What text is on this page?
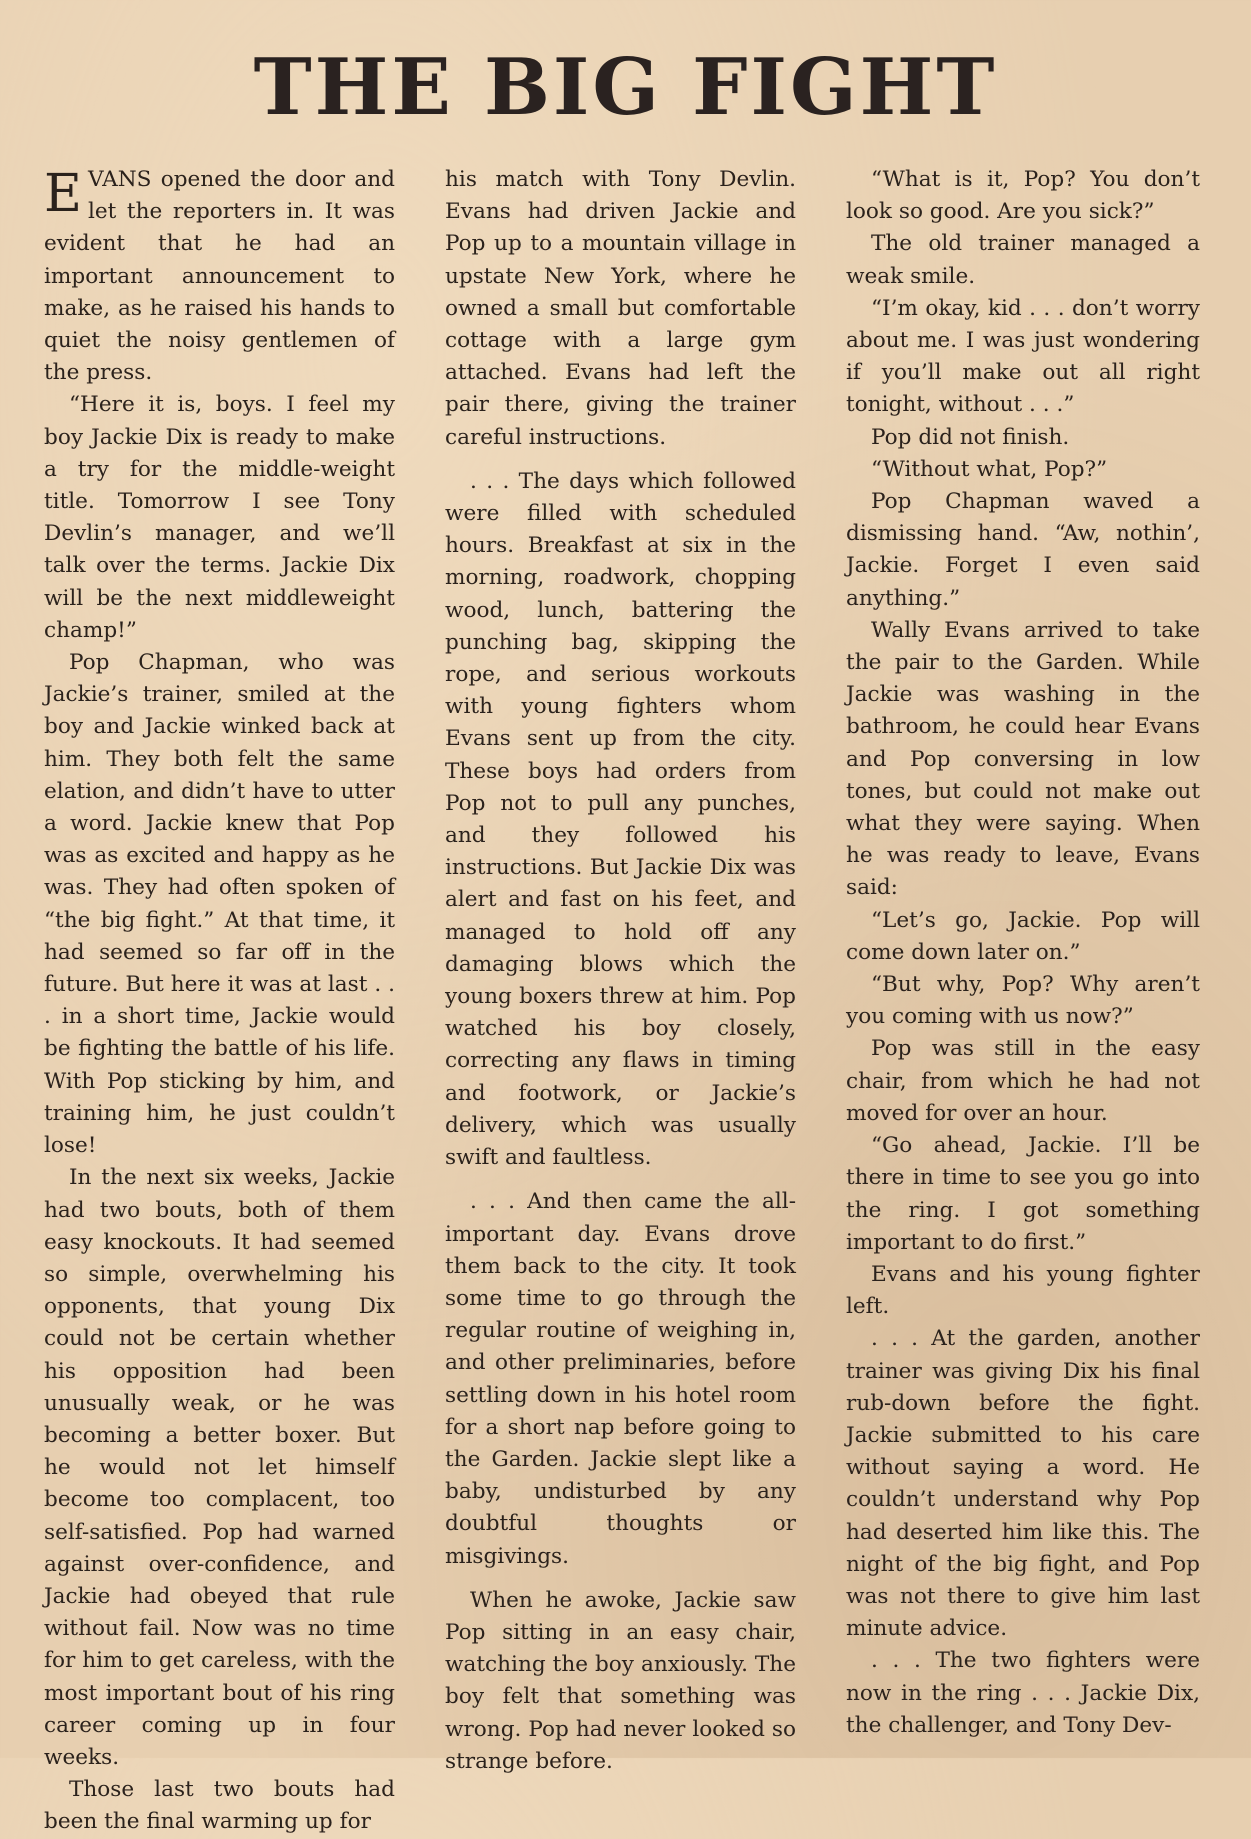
THE BIG FIGHT

EVANS opened the door and let the reporters in. It was evident that he had an important announcement to make, as he raised his hands to quiet the noisy gentlemen of the press.

“Here it is, boys. I feel my boy Jackie Dix is ready to make a try for the middle-weight title. Tomorrow I see Tony Devlin’s manager, and we’ll talk over the terms. Jackie Dix will be the next middleweight champ!”

Pop Chapman, who was Jackie’s trainer, smiled at the boy and Jackie winked back at him. They both felt the same elation, and didn’t have to utter a word. Jackie knew that Pop was as excited and happy as he was. They had often spoken of “the big fight.” At that time, it had seemed so far off in the future. But here it was at last . . . in a short time, Jackie would be fighting the battle of his life. With Pop sticking by him, and training him, he just couldn’t lose!

In the next six weeks, Jackie had two bouts, both of them easy knockouts. It had seemed so simple, overwhelming his opponents, that young Dix could not be certain whether his opposition had been unusually weak, or he was becoming a better boxer. But he would not let himself become too complacent, too self-satisfied. Pop had warned against over-confidence, and Jackie had obeyed that rule without fail. Now was no time for him to get careless, with the most important bout of his ring career coming up in four weeks.

Those last two bouts had been the final warming up for

his match with Tony Devlin. Evans had driven Jackie and Pop up to a mountain village in upstate New York, where he owned a small but comfortable cottage with a large gym attached. Evans had left the pair there, giving the trainer careful instructions.

. . . The days which followed were filled with scheduled hours. Breakfast at six in the morning, roadwork, chopping wood, lunch, battering the punching bag, skipping the rope, and serious workouts with young fighters whom Evans sent up from the city. These boys had orders from Pop not to pull any punches, and they followed his instructions. But Jackie Dix was alert and fast on his feet, and managed to hold off any damaging blows which the young boxers threw at him. Pop watched his boy closely, correcting any flaws in timing and footwork, or Jackie’s delivery, which was usually swift and faultless.

. . . And then came the all-important day. Evans drove them back to the city. It took some time to go through the regular routine of weighing in, and other preliminaries, before settling down in his hotel room for a short nap before going to the Garden. Jackie slept like a baby, undisturbed by any doubtful thoughts or misgivings.

When he awoke, Jackie saw Pop sitting in an easy chair, watching the boy anxiously. The boy felt that something was wrong. Pop had never looked so strange before.

“What is it, Pop? You don’t look so good. Are you sick?”

The old trainer managed a weak smile.

“I’m okay, kid . . . don’t worry about me. I was just wondering if you’ll make out all right tonight, without . . .”

Pop did not finish.

“Without what, Pop?”

Pop Chapman waved a dismissing hand. “Aw, nothin’, Jackie. Forget I even said anything.”

Wally Evans arrived to take the pair to the Garden. While Jackie was washing in the bathroom, he could hear Evans and Pop conversing in low tones, but could not make out what they were saying. When he was ready to leave, Evans said:

“Let’s go, Jackie. Pop will come down later on.”

“But why, Pop? Why aren’t you coming with us now?”

Pop was still in the easy chair, from which he had not moved for over an hour.

“Go ahead, Jackie. I’ll be there in time to see you go into the ring. I got something important to do first.”

Evans and his young fighter left.

. . . At the garden, another trainer was giving Dix his final rub-down before the fight. Jackie submitted to his care without saying a word. He couldn’t understand why Pop had deserted him like this. The night of the big fight, and Pop was not there to give him last minute advice.

. . . The two fighters were now in the ring . . . Jackie Dix, the challenger, and Tony Dev-
